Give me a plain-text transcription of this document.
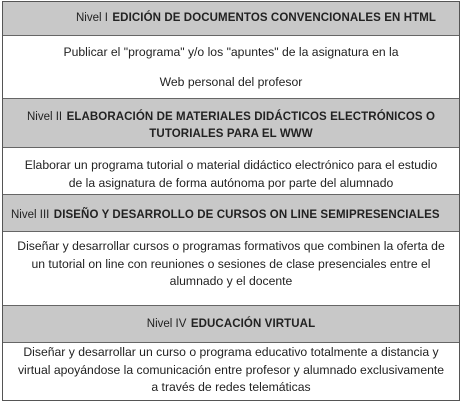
Nivel I EDICIÓN DE DOCUMENTOS CONVENCIONALES EN HTML
Publicar el "programa" y/o los "apuntes" de la asignatura en la
Web personal del profesor
Nivel II ELABORACIÓN DE MATERIALES DIDÁCTICOS ELECTRÓNICOS O
TUTORIALES PARA EL WWW
Elaborar un programa tutorial o material didáctico electrónico para el estudio
de la asignatura de forma autónoma por parte del alumnado
Nivel III DISEÑO Y DESARROLLO DE CURSOS ON LINE SEMIPRESENCIALES
Diseñar y desarrollar cursos o programas formativos que combinen la oferta de
un tutorial on line con reuniones o sesiones de clase presenciales entre el
alumnado y el docente
Nivel IV EDUCACIÓN VIRTUAL
Diseñar y desarrollar un curso o programa educativo totalmente a distancia y
virtual apoyándose la comunicación entre profesor y alumnado exclusivamente
a través de redes telemáticas
